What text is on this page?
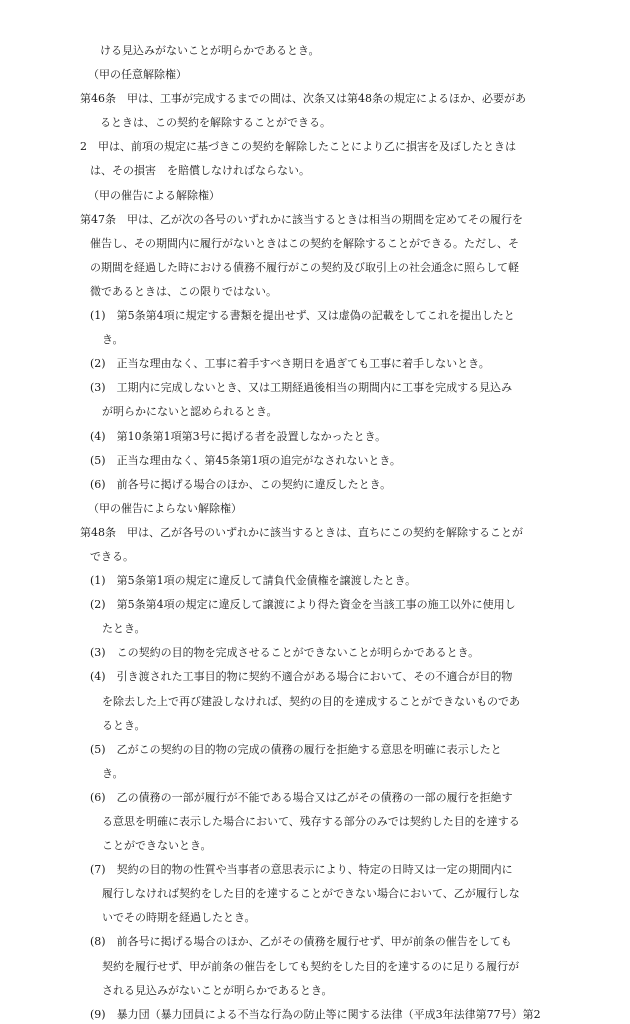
ける見込みがないことが明らかであるとき。
（甲の任意解除権）
第46条　甲は、工事が完成するまでの間は、次条又は第48条の規定によるほか、必要があ
るときは、この契約を解除することができる。
2　甲は、前項の規定に基づきこの契約を解除したことにより乙に損害を及ぼしたときは
は、その損害　を賠償しなければならない。
（甲の催告による解除権）
第47条　甲は、乙が次の各号のいずれかに該当するときは相当の期間を定めてその履行を
催告し、その期間内に履行がないときはこの契約を解除することができる。ただし、そ
の期間を経過した時における債務不履行がこの契約及び取引上の社会通念に照らして軽
微であるときは、この限りではない。
(1)　第5条第4項に規定する書類を提出せず、又は虚偽の記載をしてこれを提出したと
き。
(2)　正当な理由なく、工事に着手すべき期日を過ぎても工事に着手しないとき。
(3)　工期内に完成しないとき、又は工期経過後相当の期間内に工事を完成する見込み
が明らかにないと認められるとき。
(4)　第10条第1項第3号に掲げる者を設置しなかったとき。
(5)　正当な理由なく、第45条第1項の追完がなされないとき。
(6)　前各号に掲げる場合のほか、この契約に違反したとき。
（甲の催告によらない解除権）
第48条　甲は、乙が各号のいずれかに該当するときは、直ちにこの契約を解除することが
できる。
(1)　第5条第1項の規定に違反して請負代金債権を譲渡したとき。
(2)　第5条第4項の規定に違反して譲渡により得た資金を当該工事の施工以外に使用し
たとき。
(3)　この契約の目的物を完成させることができないことが明らかであるとき。
(4)　引き渡された工事目的物に契約不適合がある場合において、その不適合が目的物
を除去した上で再び建設しなければ、契約の目的を達成することができないものであ
るとき。
(5)　乙がこの契約の目的物の完成の債務の履行を拒絶する意思を明確に表示したと
き。
(6)　乙の債務の一部が履行が不能である場合又は乙がその債務の一部の履行を拒絶す
る意思を明確に表示した場合において、残存する部分のみでは契約した目的を達する
ことができないとき。
(7)　契約の目的物の性質や当事者の意思表示により、特定の日時又は一定の期間内に
履行しなければ契約をした目的を達することができない場合において、乙が履行しな
いでその時期を経過したとき。
(8)　前各号に掲げる場合のほか、乙がその債務を履行せず、甲が前条の催告をしても
契約を履行せず、甲が前条の催告をしても契約をした目的を達するのに足りる履行が
される見込みがないことが明らかであるとき。
(9)　暴力団（暴力団員による不当な行為の防止等に関する法律（平成3年法律第77号）第2
